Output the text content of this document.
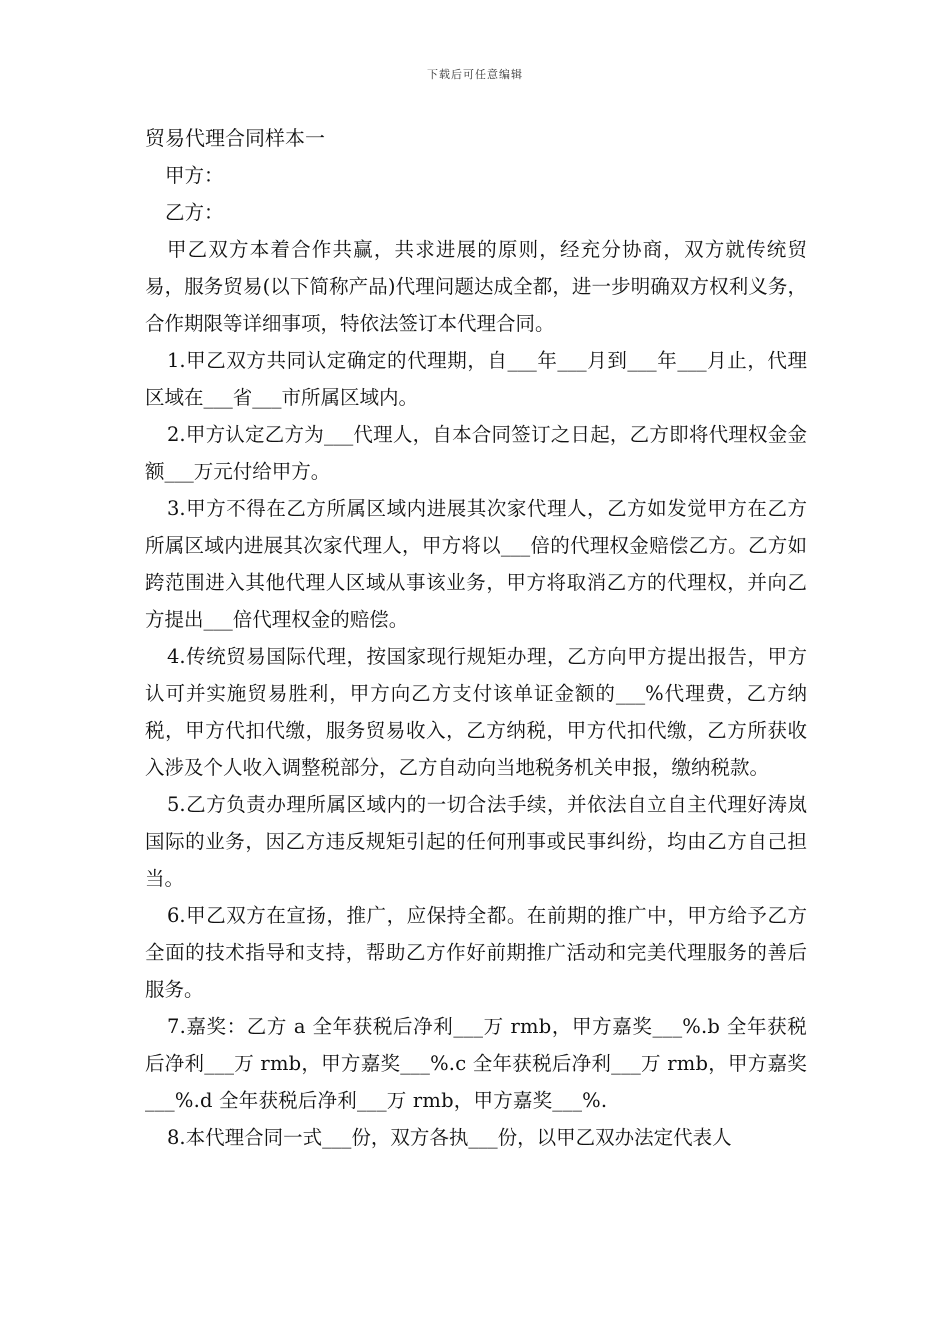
下载后可任意编辑

贸易代理合同样本一

甲方：

乙方：

甲乙双方本着合作共赢，共求进展的原则，经充分协商，双方就传统贸易，服务贸易(以下简称产品)代理问题达成全都，进一步明确双方权利义务，合作期限等详细事项，特依法签订本代理合同。

1.甲乙双方共同认定确定的代理期，自___年___月到___年___月止，代理区域在___省___市所属区域内。

2.甲方认定乙方为___代理人，自本合同签订之日起，乙方即将代理权金金额___万元付给甲方。

3.甲方不得在乙方所属区域内进展其次家代理人，乙方如发觉甲方在乙方所属区域内进展其次家代理人，甲方将以___倍的代理权金赔偿乙方。乙方如跨范围进入其他代理人区域从事该业务，甲方将取消乙方的代理权，并向乙方提出___倍代理权金的赔偿。

4.传统贸易国际代理，按国家现行规矩办理，乙方向甲方提出报告，甲方认可并实施贸易胜利，甲方向乙方支付该单证金额的___%代理费，乙方纳税，甲方代扣代缴，服务贸易收入，乙方纳税，甲方代扣代缴，乙方所获收入涉及个人收入调整税部分，乙方自动向当地税务机关申报，缴纳税款。

5.乙方负责办理所属区域内的一切合法手续，并依法自立自主代理好涛岚国际的业务，因乙方违反规矩引起的任何刑事或民事纠纷，均由乙方自己担当。

6.甲乙双方在宣扬，推广，应保持全都。在前期的推广中，甲方给予乙方全面的技术指导和支持，帮助乙方作好前期推广活动和完美代理服务的善后服务。

7.嘉奖：乙方 a 全年获税后净利___万 rmb，甲方嘉奖___%.b 全年获税后净利___万 rmb，甲方嘉奖___%.c 全年获税后净利___万 rmb，甲方嘉奖___%.d 全年获税后净利___万 rmb，甲方嘉奖___%.

8.本代理合同一式___份，双方各执___份，以甲乙双办法定代表人
